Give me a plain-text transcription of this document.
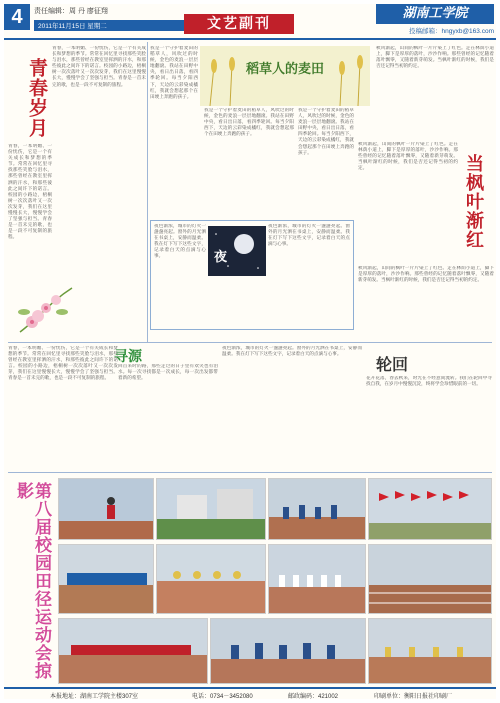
4	责任编辑：周 丹 廖征翔
2011年11月15日 星期二	文艺副刊
湖南工学院
投稿邮箱：hngyxb@163.com
青春岁月
青春，一本明媚、一份忧伤，它是一个有关成长和梦想的季节。常常在回忆里寻找那些笑脸与泪水，那些曾经在教室里挥洒的汗水，和那些彼此之间许下的诺言。校园的小路边，梧桐树一次次落叶又一次次发芽，我们在这里慢慢长大，慢慢学会了坚强与担当。青春是一首未完的歌，也是一段不可复制的旅程。
青春，一本明媚、一份忧伤，它是一个有关成长和梦想的季节。常常在回忆里寻找那些笑脸与泪水，那些曾经在教室里挥洒的汗水，和那些彼此之间许下的诺言。校园的小路边，梧桐树一次次落叶又一次次发芽，我们在这里慢慢长大，慢慢学会了坚强与担当。青春是一首未完的歌，也是一段不可复制的旅程。
稻草人的麦田
我是一个守护着麦田的稻草人，风吹过的时候，金色的麦浪一层层地翻滚。我站在田野中央，看日出日落，看四季轮回。每当夕阳西下，天边的云彩染成橘红，我就会想起那个在田埂上奔跑的孩子。
我是一个守护着麦田的稻草人，风吹过的时候，金色的麦浪一层层地翻滚。我站在田野中央，看日出日落，看四季轮回。每当夕阳西下，天边的云彩染成橘红，我就会想起那个在田埂上奔跑的孩子。
我是一个守护着麦田的稻草人，风吹过的时候，金色的麦浪一层层地翻滚。我站在田野中央，看日出日落，看四季轮回。每当夕阳西下，天边的云彩染成橘红，我就会想起那个在田埂上奔跑的孩子。
秋风渐起，山间的枫叶一片片染上了红色。走在林荫小道上，脚下是厚厚的落叶，沙沙作响。那些曾经的记忆随着落叶飘零，又随着新芽萌发。当枫叶渐红的时候，我们是否还记得当初的约定。
夜色渐浓，城市的灯火一盏盏亮起。窗外的月光洒在书桌上，安静而温柔。我在灯下写下这些文字，记录着白天的点滴与心事。	夜
夜色渐浓，城市的灯火一盏盏亮起。窗外的月光洒在书桌上，安静而温柔。我在灯下写下这些文字，记录着白天的点滴与心事。	当枫叶渐红
秋风渐起，山间的枫叶一片片染上了红色。走在林荫小道上，脚下是厚厚的落叶，沙沙作响。那些曾经的记忆随着落叶飘零，又随着新芽萌发。当枫叶渐红的时候，我们是否还记得当初的约定。
秋风渐起，山间的枫叶一片片染上了红色。走在林荫小道上，脚下是厚厚的落叶，沙沙作响。那些曾经的记忆随着落叶飘零，又随着新芽萌发。当枫叶渐红的时候，我们是否还记得当初的约定。
青春，一本明媚、一份忧伤，它是一个有关成长和梦想的季节。常常在回忆里寻找那些笑脸与泪水，那些曾经在教室里挥洒的汗水，和那些彼此之间许下的诺言。校园的小路边，梧桐树一次次落叶又一次次发芽，我们在这里慢慢长大，慢慢学会了坚强与担当。青春是一首未完的歌，也是一段不可复制的旅程。
寻源
回首来时的路，那些走过的日子里有欢笑也有泪水。每一次寻找都是一次成长，每一次出发都带着新的希望。
夜色渐浓，城市的灯火一盏盏亮起。窗外的月光洒在书桌上，安静而温柔。我在灯下写下这些文字，记录着白天的点滴与心事。
轮回
花开花落，春去秋来，时光在不经意间流转。我们在轮回中寻找自我，在岁月中慢慢沉淀，终将学会珍惜眼前的一切。
第八届校园田径运动会掠影
本报地址：湖南工学院主楼307室	电话：0734－3452080	邮政编码：421002	印刷单位：衡阳日报社印刷厂
